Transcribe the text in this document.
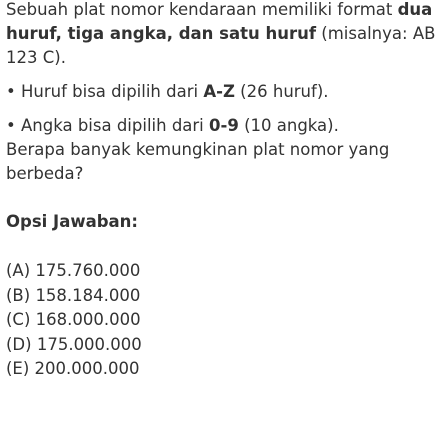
Sebuah plat nomor kendaraan memiliki format dua huruf, tiga angka, dan satu huruf (misalnya: AB 123 C).

• Huruf bisa dipilih dari A-Z (26 huruf).

• Angka bisa dipilih dari 0-9 (10 angka).

Berapa banyak kemungkinan plat nomor yang berbeda?

Opsi Jawaban:

(A) 175.760.000
(B) 158.184.000
(C) 168.000.000
(D) 175.000.000
(E) 200.000.000
